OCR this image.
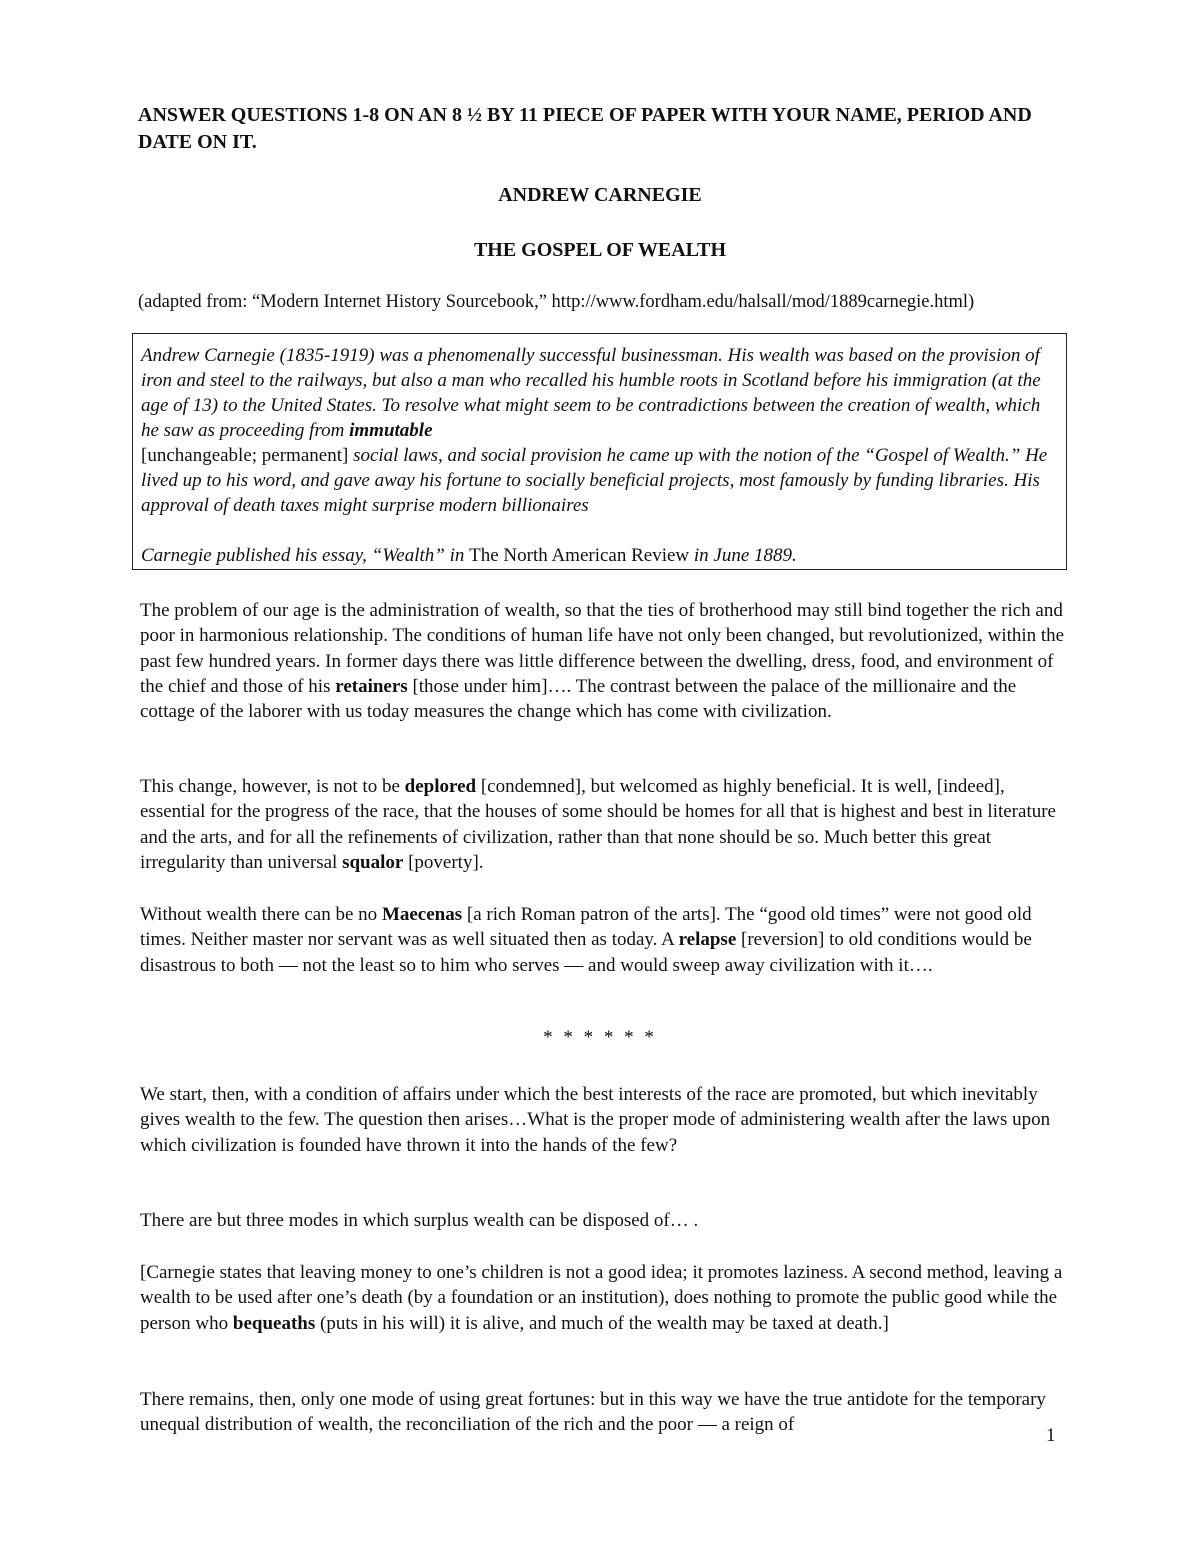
ANSWER QUESTIONS 1-8 ON AN 8 ½ BY 11 PIECE OF PAPER WITH YOUR NAME, PERIOD AND DATE ON IT.

ANDREW CARNEGIE

THE GOSPEL OF WEALTH

(adapted from: “Modern Internet History Sourcebook,” http://www.fordham.edu/halsall/mod/1889carnegie.html)

Andrew Carnegie (1835-1919) was a phenomenally successful businessman. His wealth was based on the provision of iron and steel to the railways, but also a man who recalled his humble roots in Scotland before his immigration (at the age of 13) to the United States. To resolve what might seem to be contradictions between the creation of wealth, which he saw as proceeding from immutable
[unchangeable; permanent] social laws, and social provision he came up with the notion of the “Gospel of Wealth.” He lived up to his word, and gave away his fortune to socially beneficial projects, most famously by funding libraries. His approval of death taxes might surprise modern billionaires

Carnegie published his essay, “Wealth” in The North American Review in June 1889.

The problem of our age is the administration of wealth, so that the ties of brotherhood may still bind together the rich and poor in harmonious relationship. The conditions of human life have not only been changed, but revolutionized, within the past few hundred years. In former days there was little difference between the dwelling, dress, food, and environment of the chief and those of his retainers [those under him]…. The contrast between the palace of the millionaire and the cottage of the laborer with us today measures the change which has come with civilization.

This change, however, is not to be deplored [condemned], but welcomed as highly beneficial. It is well, [indeed], essential for the progress of the race, that the houses of some should be homes for all that is highest and best in literature and the arts, and for all the refinements of civilization, rather than that none should be so. Much better this great irregularity than universal squalor [poverty].

Without wealth there can be no Maecenas [a rich Roman patron of the arts]. The “good old times” were not good old times. Neither master nor servant was as well situated then as today. A relapse [reversion] to old conditions would be disastrous to both — not the least so to him who serves — and would sweep away civilization with it….

* * * * * *

We start, then, with a condition of affairs under which the best interests of the race are promoted, but which inevitably gives wealth to the few. The question then arises…What is the proper mode of administering wealth after the laws upon which civilization is founded have thrown it into the hands of the few?

There are but three modes in which surplus wealth can be disposed of… .

[Carnegie states that leaving money to one’s children is not a good idea; it promotes laziness. A second method, leaving a wealth to be used after one’s death (by a foundation or an institution), does nothing to promote the public good while the person who bequeaths (puts in his will) it is alive, and much of the wealth may be taxed at death.]

There remains, then, only one mode of using great fortunes: but in this way we have the true antidote for the temporary unequal distribution of wealth, the reconciliation of the rich and the poor — a reign of

1
